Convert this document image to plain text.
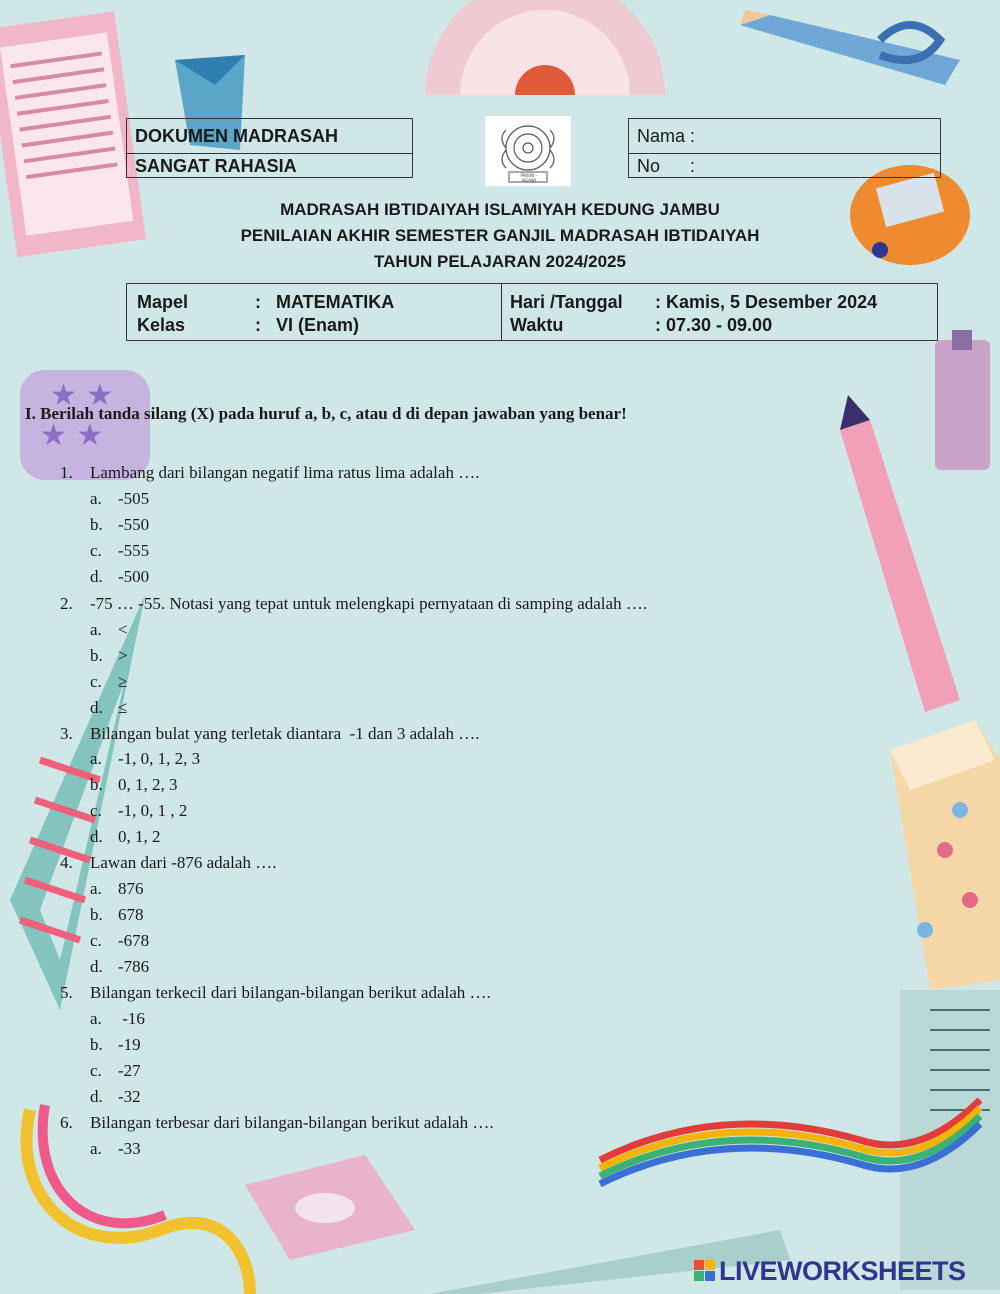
★ ★
★ ★
DOKUMEN MADRASAH
SANGAT RAHASIA	PARON – NGAWI
Nama :
No      :
MADRASAH IBTIDAIYAH ISLAMIYAH KEDUNG JAMBU
PENILAIAN AKHIR SEMESTER GANJIL MADRASAH IBTIDAIYAH
TAHUN PELAJARAN 2024/2025
Mapel	:   MATEMATIKA
Kelas	:   VI (Enam)
Hari /Tanggal : Kamis, 5 Desember 2024
Waktu	: 07.30 - 09.00
I. Berilah tanda silang (X) pada huruf a, b, c, atau d di depan jawaban yang benar!
1. Lambang dari bilangan negatif lima ratus lima adalah ….
a. -505
b. -550
c. -555
d. -500
2. -75 … -55. Notasi yang tepat untuk melengkapi pernyataan di samping adalah ….
a. <
b. >
c. ≥
d. ≤
3. Bilangan bulat yang terletak diantara  -1 dan 3 adalah ….
a. -1, 0, 1, 2, 3
b. 0, 1, 2, 3
c. -1, 0, 1 , 2
d. 0, 1, 2
4. Lawan dari -876 adalah ….
a. 876
b. 678
c. -678
d. -786
5. Bilangan terkecil dari bilangan-bilangan berikut adalah ….
a. -16
b. -19
c. -27
d. -32
6. Bilangan terbesar dari bilangan-bilangan berikut adalah ….
a. -33
LIVEWORKSHEETS
